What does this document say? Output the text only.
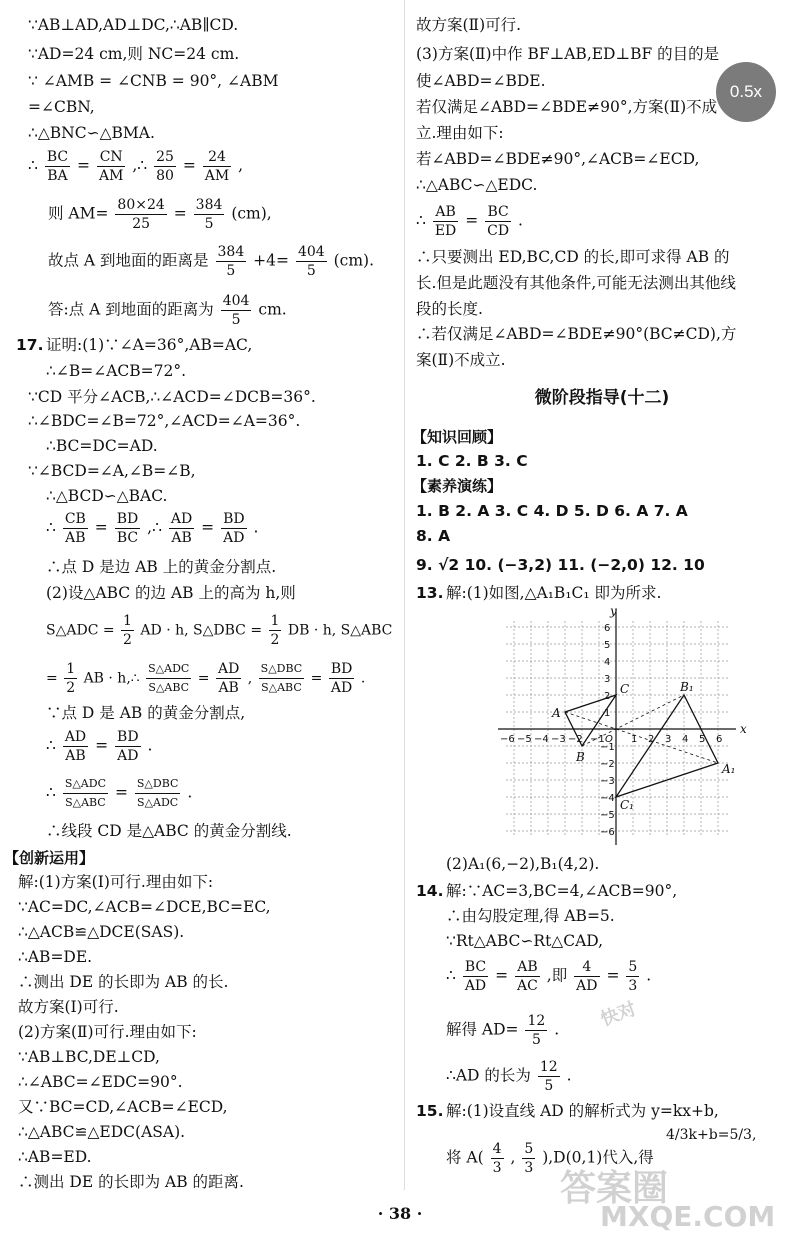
0.5x
∵AB⊥AD,AD⊥DC,∴AB∥CD.
∵AD=24 cm,则 NC=24 cm.
∵ ∠AMB = ∠CNB = 90°, ∠ABM
=∠CBN,
∴△BNC∽△BMA.
∴ $\frac{BC}{BA} = \frac{CN}{AM}$ ,∴ $\frac{25}{80} = \frac{24}{AM}$ ,
则 $AM= \frac{80\times 24}{25} = \frac{384}{5} (cm)$,
故点 A 到地面的距离是 $\frac{384}{5} +4= \frac{404}{5} (cm)$.
答:点 A 到地面的距离为 $\frac{404}{5}$ cm.
17. 证明:(1)∵∠A=36°,AB=AC,
∴∠B=∠ACB=72°.
∵CD 平分∠ACB,∴∠ACD=∠DCB=36°.
∴∠BDC=∠B=72°,∠ACD=∠A=36°.
∴BC=DC=AD.
∵∠BCD=∠A,∠B=∠B,
∴△BCD∽△BAC.
∴ $\frac{CB}{AB} = \frac{BD}{BC}$ ,∴ $\frac{AD}{AB} = \frac{BD}{AD}$ .
∴点 D 是边 AB 上的黄金分割点.
(2)设△ABC 的边 AB 上的高为 h,则
S△ADC = $\frac{1}{2}$ AD · h, S△DBC = $\frac{1}{2}$ DB · h, S△ABC
= $\frac{1}{2}$ AB · h,∴ $\frac{\text{S△ADC}}{\text{S△ABC}} = \frac{AD}{AB}$ , $\frac{\text{S△DBC}}{\text{S△ABC}} = \frac{BD}{AD}$ .
∵点 D 是 AB 的黄金分割点,
∴ $\frac{AD}{AB} = \frac{BD}{AD}$ .
∴ $\frac{\text{S△ADC}}{\text{S△ABC}} = \frac{\text{S△DBC}}{\text{S△ADC}}$ .
∴线段 CD 是△ABC 的黄金分割线.
【创新运用】
解:(1)方案(Ⅰ)可行.理由如下:
∵AC=DC,∠ACB=∠DCE,BC=EC,
∴△ACB≌△DCE(SAS).
∴AB=DE.
∴测出 DE 的长即为 AB 的长.
故方案(Ⅰ)可行.
(2)方案(Ⅱ)可行.理由如下:
∵AB⊥BC,DE⊥CD,
∴∠ABC=∠EDC=90°.
又∵BC=CD,∠ACB=∠ECD,
∴△ABC≌△EDC(ASA).
∴AB=ED.
∴测出 DE 的长即为 AB 的距离.
故方案(Ⅱ)可行.
(3)方案(Ⅱ)中作 BF⊥AB,ED⊥BF 的目的是
使∠ABD=∠BDE.
若仅满足∠ABD=∠BDE≠90°,方案(Ⅱ)不成
立.理由如下:
若∠ABD=∠BDE≠90°,∠ACB=∠ECD,
∴△ABC∽△EDC.
∴ $\frac{AB}{ED} = \frac{BC}{CD}$ .
∴只要测出 ED,BC,CD 的长,即可求得 AB 的
长.但是此题没有其他条件,可能无法测出其他线
段的长度.
∴若仅满足∠ABD=∠BDE≠90°(BC≠CD),方
案(Ⅱ)不成立.
微阶段指导(十二)
【知识回顾】
1. C 2. B 3. C
【素养演练】
1. B 2. A 3. C 4. D 5. D 6. A 7. A
8. A
9. √2 10. (−3,2) 11. (−2,0) 12. 10
13. 解:(1)如图,△A₁B₁C₁ 即为所求.
−6 −5 −4 −3 −2 −1	1 2 3 4 5 6
6
5
4
3
2
1
−1
−2
−3
−4
−5
−6
O
x
y
A
B
C
A₁
B₁
C₁
(2)A₁(6,−2),B₁(4,2).
14. 解:∵AC=3,BC=4,∠ACB=90°,
∴由勾股定理,得 AB=5.
∵Rt△ABC∽Rt△CAD,
∴ $\frac{BC}{AD} = \frac{AB}{AC}$ ,即 $\frac{4}{AD} = \frac{5}{3}$ .
解得 $AD= \frac{12}{5}$ .
∴AD 的长为 $\frac{12}{5}$ .
15. 解:(1)设直线 AD 的解析式为 y=kx+b,
将 $A( \frac{4}{3}$ , $\frac{5}{3} ),D(0,1)$代入,得
4/3k+b=5/3,
答案圈
MXQE.COM
快对
· 38 ·
